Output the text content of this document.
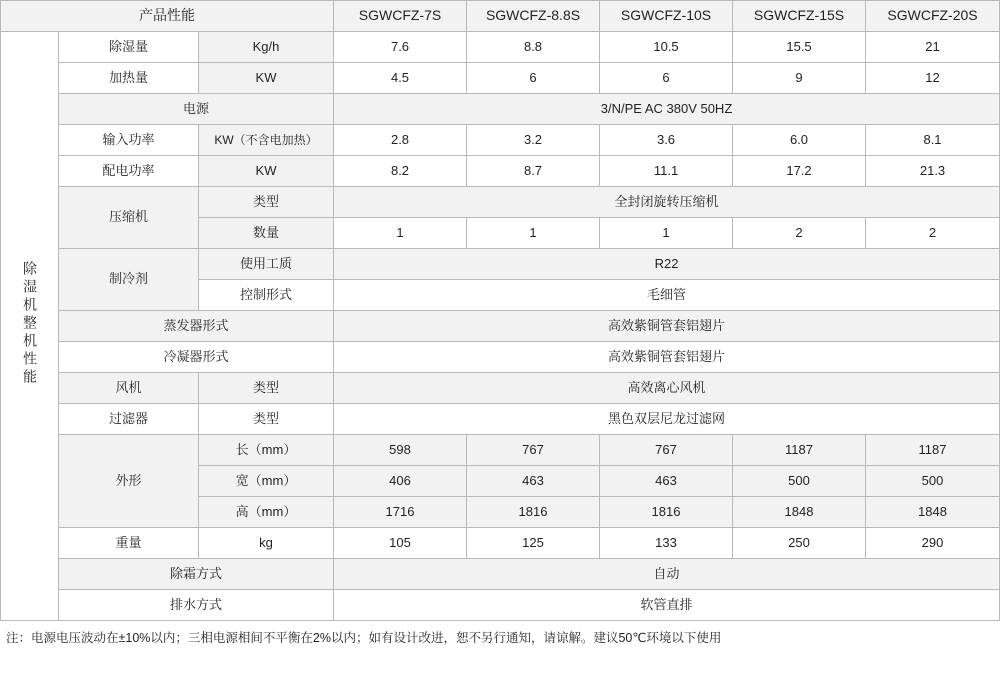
产品性能			SGWCFZ-7S	SGWCFZ-8.8S	SGWCFZ-10S	SGWCFZ-15S	SGWCFZ-20S
除湿机整机性能	除湿量	Kg/h	7.6	8.8	10.5	15.5	21
	加热量	KW	4.5	6	6	9	12
	电源		3/N/PE AC 380V 50HZ				
	输入功率	KW（不含电加热）	2.8	3.2	3.6	6.0	8.1
	配电功率	KW	8.2	8.7	11.1	17.2	21.3
	压缩机	类型	全封闭旋转压缩机				
		数量	1	1	1	2	2
	制冷剂	使用工质	R22				
		控制形式	毛细管				
	蒸发器形式		高效紫铜管套铝翅片				
	冷凝器形式		高效紫铜管套铝翅片				
	风机	类型	高效离心风机				
	过滤器	类型	黑色双层尼龙过滤网				
	外形	长（mm）	598	767	767	1187	1187
		宽（mm）	406	463	463	500	500
		高（mm）	1716	1816	1816	1848	1848
	重量	kg	105	125	133	250	290
	除霜方式		自动				
	排水方式		软管直排				
注：电源电压波动在±10%以内；三相电源相间不平衡在2%以内；如有设计改进，恕不另行通知，请谅解。建议50℃环境以下使用
